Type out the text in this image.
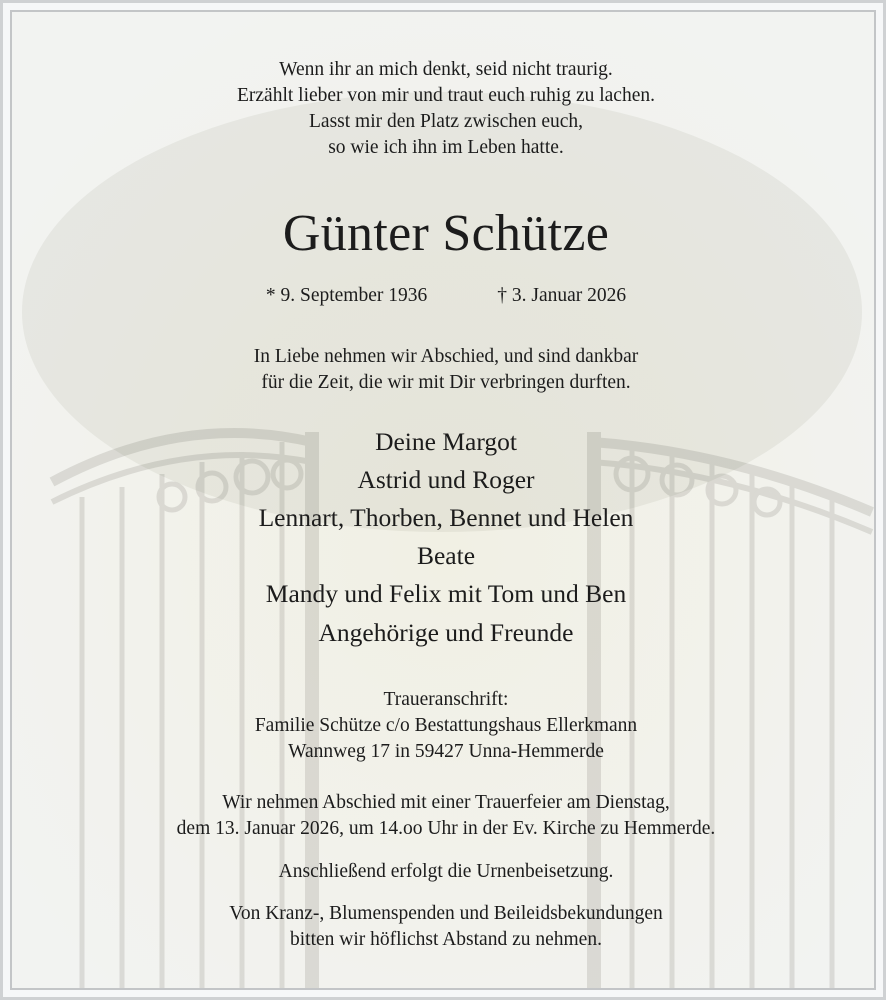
Wenn ihr an mich denkt, seid nicht traurig.
Erzählt lieber von mir und traut euch ruhig zu lachen.
Lasst mir den Platz zwischen euch,
so wie ich ihn im Leben hatte.
Günter Schütze
* 9. September 1936	† 3. Januar 2026
In Liebe nehmen wir Abschied, und sind dankbar
für die Zeit, die wir mit Dir verbringen durften.
Deine Margot
Astrid und Roger
Lennart, Thorben, Bennet und Helen
Beate
Mandy und Felix mit Tom und Ben
Angehörige und Freunde
Traueranschrift:
Familie Schütze c/o Bestattungshaus Ellerkmann
Wannweg 17 in 59427 Unna-Hemmerde
Wir nehmen Abschied mit einer Trauerfeier am Dienstag,
dem 13. Januar 2026, um 14.oo Uhr in der Ev. Kirche zu Hemmerde.
Anschließend erfolgt die Urnenbeisetzung.
Von Kranz-, Blumenspenden und Beileidsbekundungen
bitten wir höflichst Abstand zu nehmen.
